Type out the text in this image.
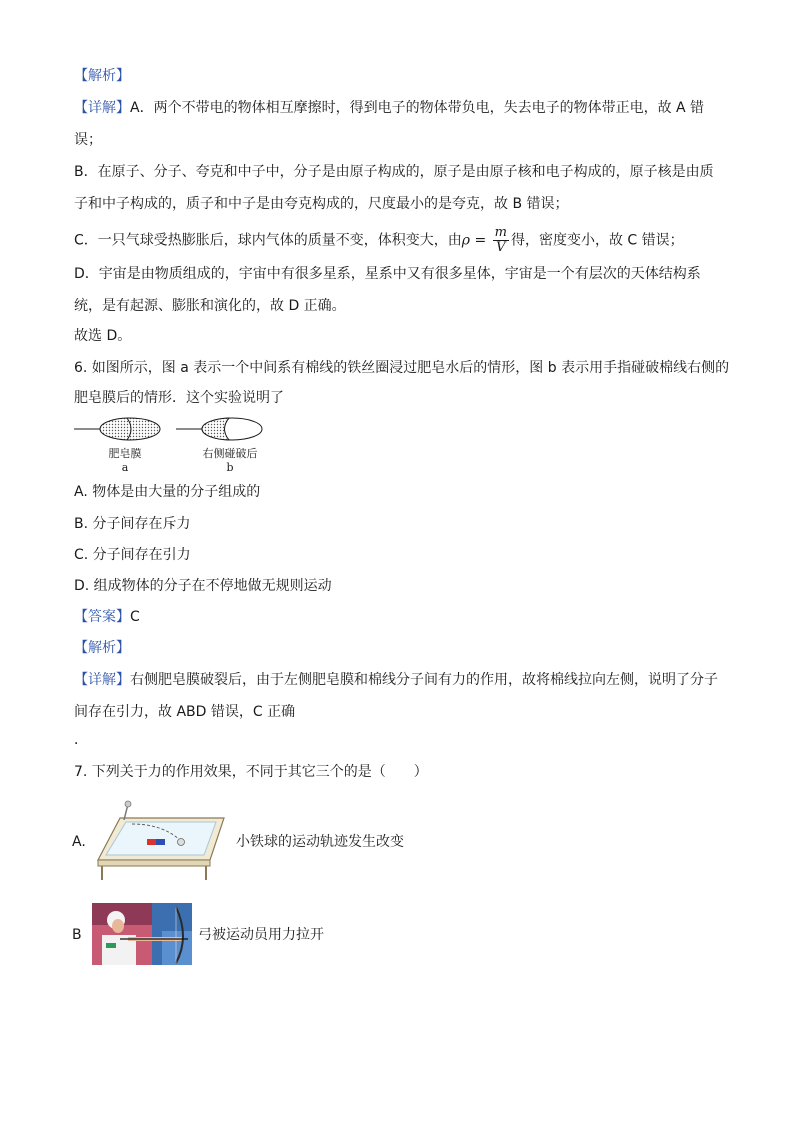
【解析】
【详解】A．两个不带电的物体相互摩擦时，得到电子的物体带负电，失去电子的物体带正电，故 A 错
误；
B．在原子、分子、夸克和中子中，分子是由原子构成的，原子是由原子核和电子构成的，原子核是由质
子和中子构成的，质子和中子是由夸克构成的，尺度最小的是夸克，故 B 错误；
C．一只气球受热膨胀后，球内气体的质量不变，体积变大，由$\rho = \frac{m}{V}$ 得，密度变小，故 C 错误；
D．宇宙是由物质组成的，宇宙中有很多星系，星系中又有很多星体，宇宙是一个有层次的天体结构系
统，是有起源、膨胀和演化的，故 D 正确。
故选 D。
6. 如图所示，图 a 表示一个中间系有棉线的铁丝圈浸过肥皂水后的情形，图 b 表示用手指碰破棉线右侧的
肥皂膜后的情形．这个实验说明了
肥皂膜
a
右侧碰破后
b
A. 物体是由大量的分子组成的
B. 分子间存在斥力
C. 分子间存在引力
D. 组成物体的分子在不停地做无规则运动
【答案】C
【解析】
【详解】右侧肥皂膜破裂后，由于左侧肥皂膜和棉线分子间有力的作用，故将棉线拉向左侧，说明了分子
间存在引力，故 ABD 错误，C 正确
．
7. 下列关于力的作用效果，不同于其它三个的是（　　）
A.	小铁球的运动轨迹发生改变
B	弓被运动员用力拉开
